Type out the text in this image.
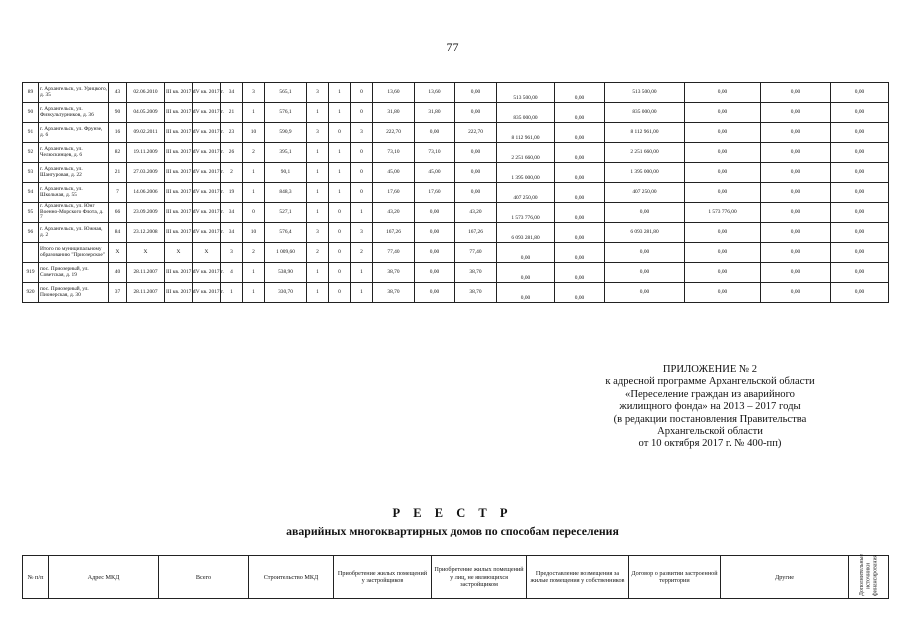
77
89	г. Архангельск, ул. Урицкого, д. 35	43	02.06.2010	III кв. 2017 г.	IV кв. 2017 г.	34	3	565,1	3	1	0	13,60	13,60	0,00	513 500,00	0,00	513 500,00	0,00	0,00	0,00
90	г. Архангельск, ул. Физкультурников, д. 36	90	04.05.2009	III кв. 2017 г.	IV кв. 2017 г.	21	1	576,1	1	1	0	31,80	31,80	0,00	835 000,00	0,00	835 000,00	0,00	0,00	0,00
91	г. Архангельск, ул. Фрунзе, д. 6	16	09.02.2011	III кв. 2017 г.	IV кв. 2017 г.	23	10	590,9	3	0	3	222,70	0,00	222,70	8 112 961,00	0,00	8 112 961,00	0,00	0,00	0,00
92	г. Архангельск, ул. Челюскинцев, д. 6	82	19.11.2009	III кв. 2017 г.	IV кв. 2017 г.	26	2	395,1	1	1	0	73,10	73,10	0,00	2 251 660,00	0,00	2 251 660,00	0,00	0,00	0,00
93	г. Архангельск, ул. Шангуровая, д. 22	21	27.03.2009	III кв. 2017 г.	IV кв. 2017 г.	2	1	90,1	1	1	0	45,00	45,00	0,00	1 395 000,00	0,00	1 395 000,00	0,00	0,00	0,00
94	г. Архангельск, ул. Школьная, д. 55	7	14.06.2006	III кв. 2017 г.	IV кв. 2017 г.	19	1	848,3	1	1	0	17,60	17,60	0,00	407 250,00	0,00	407 250,00	0,00	0,00	0,00
95	г. Архангельск, ул. Юнг Военно-Морского Флота, д. 7	66	23.09.2009	III кв. 2017 г.	IV кв. 2017 г.	34	0	527,1	1	0	1	43,20	0,00	43,20	1 573 776,00	0,00	0,00	1 573 776,00	0,00	0,00
96	г. Архангельск, ул. Южная, д. 2	84	23.12.2008	III кв. 2017 г.	IV кв. 2017 г.	34	10	576,4	3	0	3	167,26	0,00	167,26	6 093 281,80	0,00	6 093 281,80	0,00	0,00	0,00
	Итого по муниципальному образованию "Приозерское"	X	X	X	X	3	2	1 009,60	2	0	2	77,40	0,00	77,40	0,00	0,00	0,00	0,00	0,00	0,00
919	пос. Приозерный, ул. Советская, д. 19	40	28.11.2007	III кв. 2017 г.	IV кв. 2017 г.	4	1	538,90	1	0	1	38,70	0,00	38,70	0,00	0,00	0,00	0,00	0,00	0,00
920	пос. Приозерный, ул. Пионерская, д. 30	37	28.11.2007	III кв. 2017 г.	IV кв. 2017 г.	1	1	330,70	1	0	1	38,70	0,00	38,70	0,00	0,00	0,00	0,00	0,00	0,00
ПРИЛОЖЕНИЕ № 2
к адресной программе Архангельской области
«Переселение граждан из аварийного
жилищного фонда» на 2013 – 2017 годы
(в редакции постановления Правительства
Архангельской области
от 10 октября 2017 г. № 400-пп)
Р Е Е С Т Р
аварийных многоквартирных домов по способам переселения
№ п/п	Адрес МКД	Всего	Строительство МКД	Приобретение жилых помещений у застройщиков	Приобретение жилых помещений у лиц, не являющихся застройщиком	Предоставление возмещения за жилые помещения у собственников	Договор о развитии застроенной территории	Другие	Дополнительные источники финансирования
